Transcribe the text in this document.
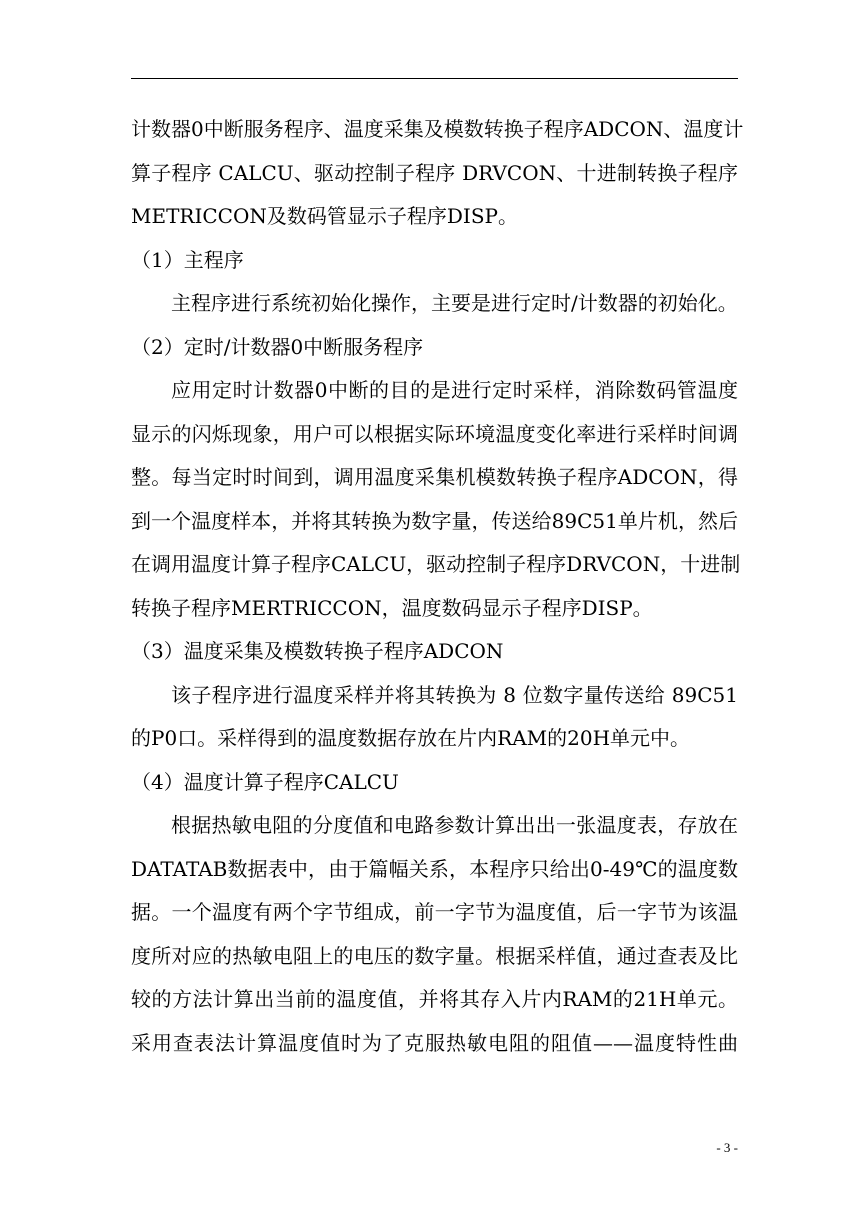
计数器0中断服务程序、温度采集及模数转换子程序ADCON、温度计
算子程序 CALCU、驱动控制子程序 DRVCON、十进制转换子程序
METRICCON及数码管显示子程序DISP。
（1）主程序
主程序进行系统初始化操作，主要是进行定时/计数器的初始化。
（2）定时/计数器0中断服务程序
应用定时计数器0中断的目的是进行定时采样，消除数码管温度
显示的闪烁现象，用户可以根据实际环境温度变化率进行采样时间调
整。每当定时时间到，调用温度采集机模数转换子程序ADCON，得
到一个温度样本，并将其转换为数字量，传送给89C51单片机，然后
在调用温度计算子程序CALCU，驱动控制子程序DRVCON，十进制
转换子程序MERTRICCON，温度数码显示子程序DISP。
（3）温度采集及模数转换子程序ADCON
该子程序进行温度采样并将其转换为 8 位数字量传送给 89C51
的P0口。采样得到的温度数据存放在片内RAM的20H单元中。
（4）温度计算子程序CALCU
根据热敏电阻的分度值和电路参数计算出出一张温度表，存放在
DATATAB数据表中，由于篇幅关系，本程序只给出0-49℃的温度数
据。一个温度有两个字节组成，前一字节为温度值，后一字节为该温
度所对应的热敏电阻上的电压的数字量。根据采样值，通过查表及比
较的方法计算出当前的温度值，并将其存入片内RAM的21H单元。
采用查表法计算温度值时为了克服热敏电阻的阻值——温度特性曲
- 3 -
